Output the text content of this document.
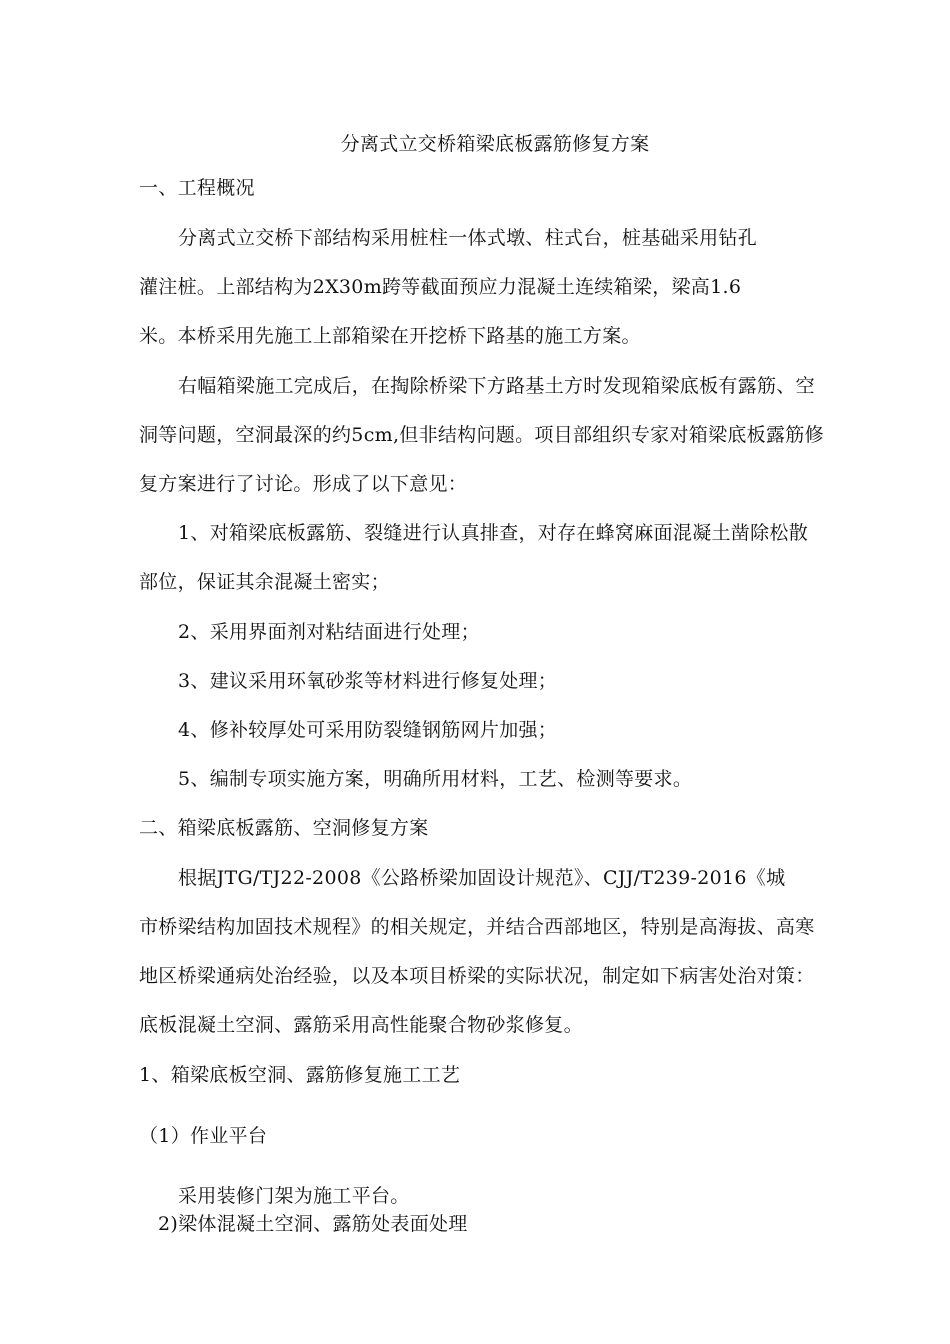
分离式立交桥箱梁底板露筋修复方案
一、工程概况
分离式立交桥下部结构采用桩柱一体式墩、柱式台，桩基础采用钻孔
灌注桩。上部结构为2X30m跨等截面预应力混凝土连续箱梁，梁高1.6
米。本桥采用先施工上部箱梁在开挖桥下路基的施工方案。
右幅箱梁施工完成后，在掏除桥梁下方路基土方时发现箱梁底板有露筋、空
洞等问题，空洞最深的约5cm,但非结构问题。项目部组织专家对箱梁底板露筋修
复方案进行了讨论。形成了以下意见：
1、对箱梁底板露筋、裂缝进行认真排查，对存在蜂窝麻面混凝土凿除松散
部位，保证其余混凝土密实；
2、采用界面剂对粘结面进行处理；
3、建议采用环氧砂浆等材料进行修复处理；
4、修补较厚处可采用防裂缝钢筋网片加强；
5、编制专项实施方案，明确所用材料，工艺、检测等要求。
二、箱梁底板露筋、空洞修复方案
根据JTG/TJ22-2008《公路桥梁加固设计规范》、CJJ/T239-2016《城
市桥梁结构加固技术规程》的相关规定，并结合西部地区，特别是高海拔、高寒
地区桥梁通病处治经验，以及本项目桥梁的实际状况，制定如下病害处治对策：
底板混凝土空洞、露筋采用高性能聚合物砂浆修复。
1、箱梁底板空洞、露筋修复施工工艺
（1）作业平台
采用装修门架为施工平台。
2)梁体混凝土空洞、露筋处表面处理
